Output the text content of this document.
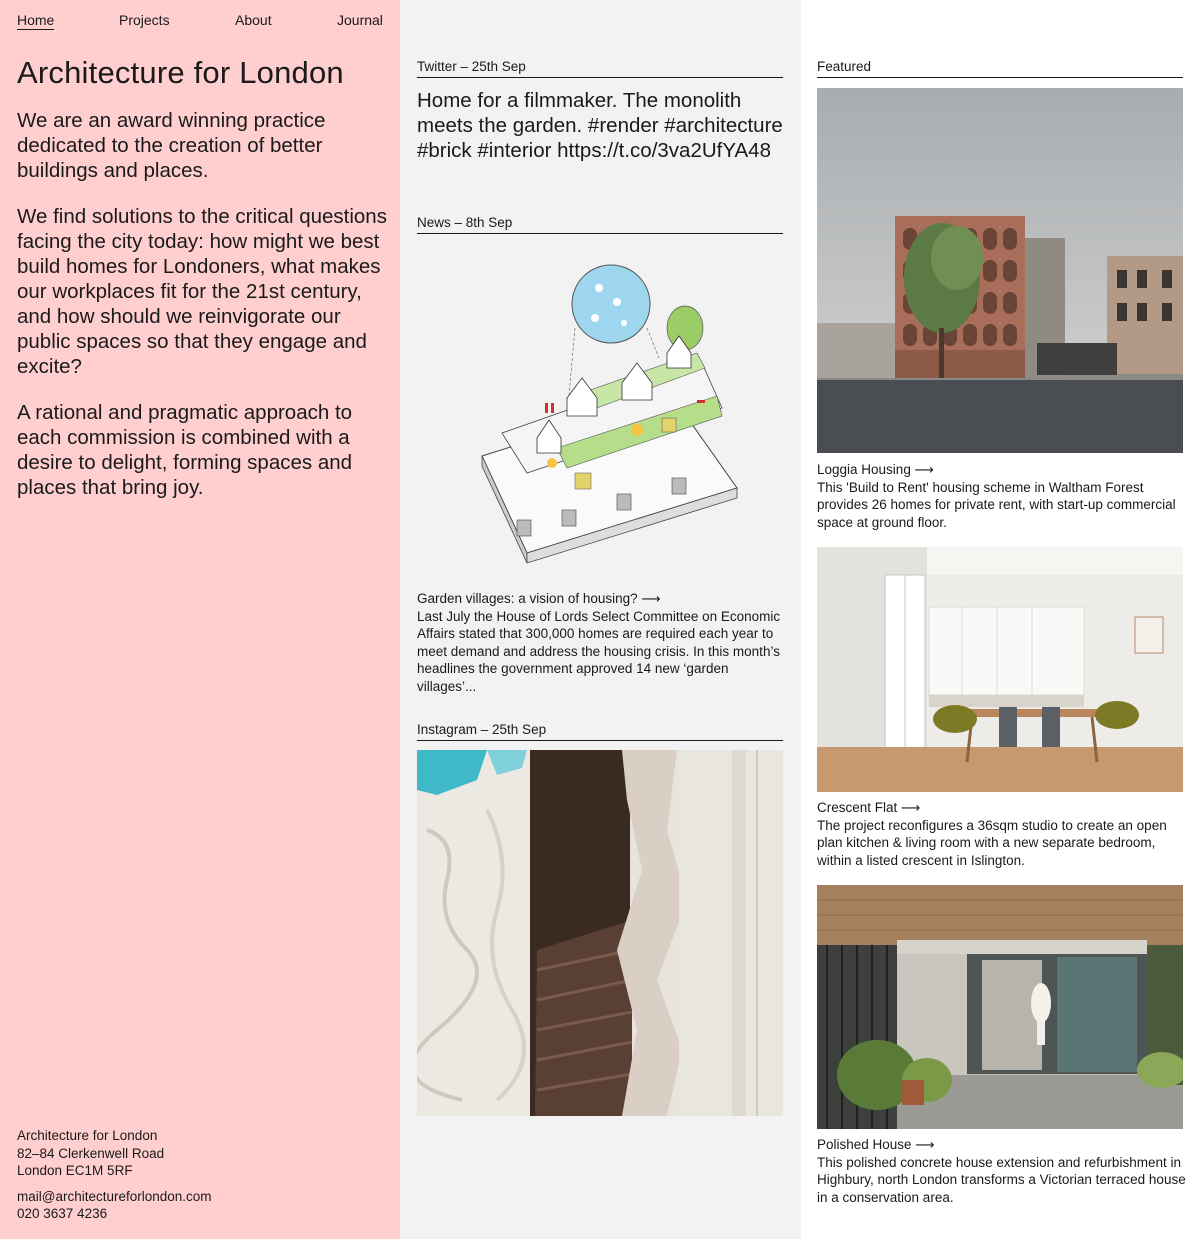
Home	Projects	About	Journal
Architecture for London

We are an award winning practice dedicated to the creation of better buildings and places.

We find solutions to the critical questions facing the city today: how might we best build homes for Londoners, what makes our workplaces fit for the 21st century, and how should we reinvigorate our public spaces so that they engage and excite?

A rational and pragmatic approach to each commission is combined with a desire to delight, forming spaces and places that bring joy.

Architecture for London
82–84 Clerkenwell Road
London EC1M 5RF
mail@architectureforlondon.com
020 3637 4236
Twitter – 25th Sep
Home for a filmmaker. The monolith meets the garden. #render #architecture #brick #interior https://t.co/3va2UfYA48
News – 8th Sep
Garden villages: a vision of housing? ⟶
Last July the House of Lords Select Committee on Economic Affairs stated that 300,000 homes are required each year to meet demand and address the housing crisis. In this month’s headlines the government approved 14 new ‘garden villages’...
Instagram – 25th Sep
Featured
Loggia Housing ⟶
This 'Build to Rent' housing scheme in Waltham Forest provides 26 homes for private rent, with start-up commercial space at ground floor.
Crescent Flat ⟶
The project reconfigures a 36sqm studio to create an open plan kitchen & living room with a new separate bedroom, within a listed crescent in Islington.
Polished House ⟶
This polished concrete house extension and refurbishment in Highbury, north London transforms a Victorian terraced house in a conservation area.
